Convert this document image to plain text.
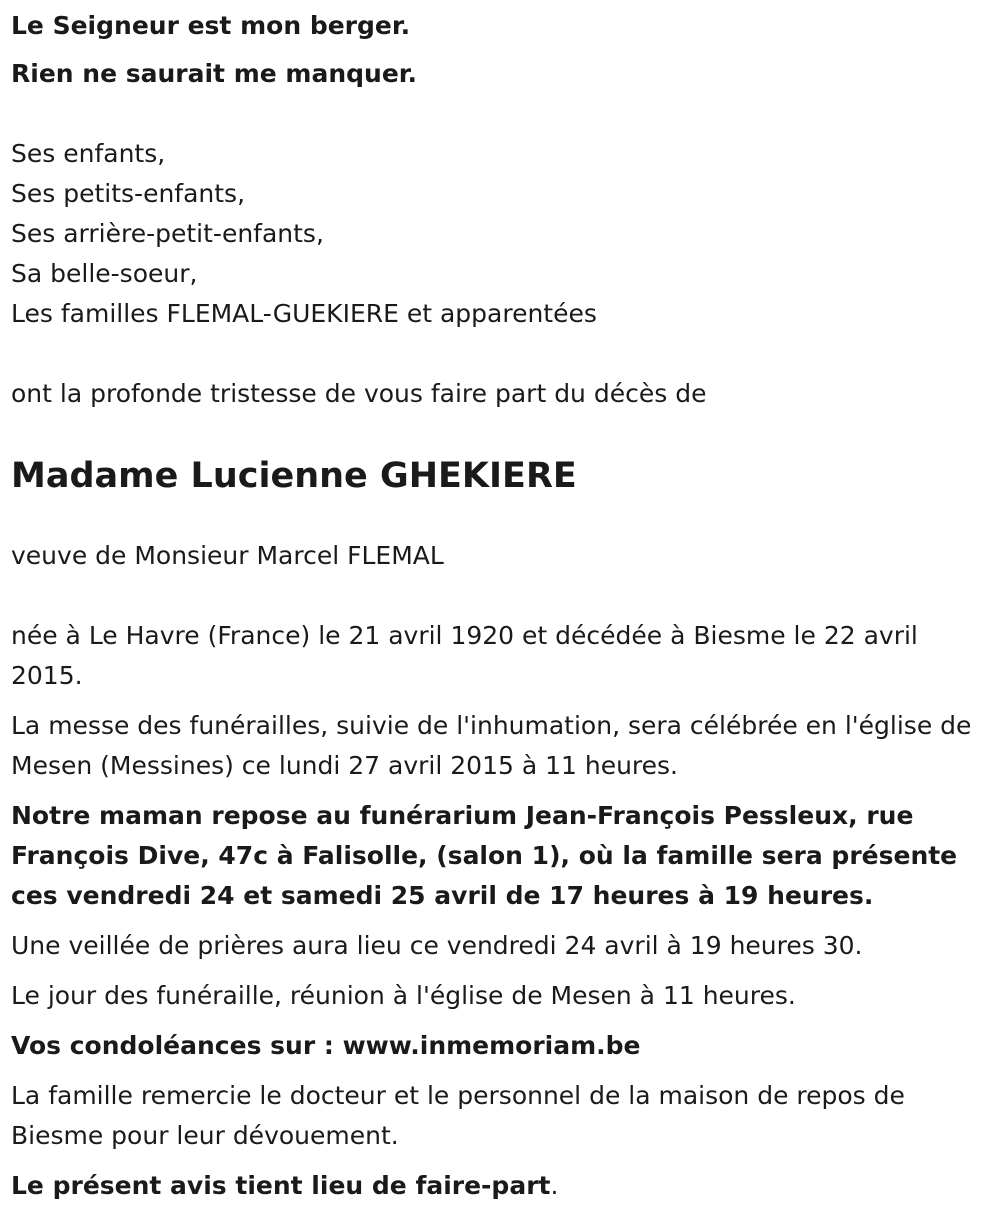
Le Seigneur est mon berger.

Rien ne saurait me manquer.

Ses enfants,

Ses petits-enfants,

Ses arrière-petit-enfants,

Sa belle-soeur,

Les familles FLEMAL-GUEKIERE et apparentées

ont la profonde tristesse de vous faire part du décès de

Madame Lucienne GHEKIERE

veuve de Monsieur Marcel FLEMAL

née à Le Havre (France) le 21 avril 1920 et décédée à Biesme le 22 avril 2015.

La messe des funérailles, suivie de l'inhumation, sera célébrée en l'église de Mesen (Messines) ce lundi 27 avril 2015 à 11 heures.

Notre maman repose au funérarium Jean-François Pessleux, rue François Dive, 47c à Falisolle, (salon 1), où la famille sera présente ces vendredi 24 et samedi 25 avril de 17 heures à 19 heures.

Une veillée de prières aura lieu ce vendredi 24 avril à 19 heures 30.

Le jour des funéraille, réunion à l'église de Mesen à 11 heures.

Vos condoléances sur : www.inmemoriam.be

La famille remercie le docteur et le personnel de la maison de repos de Biesme pour leur dévouement.

Le présent avis tient lieu de faire-part.
